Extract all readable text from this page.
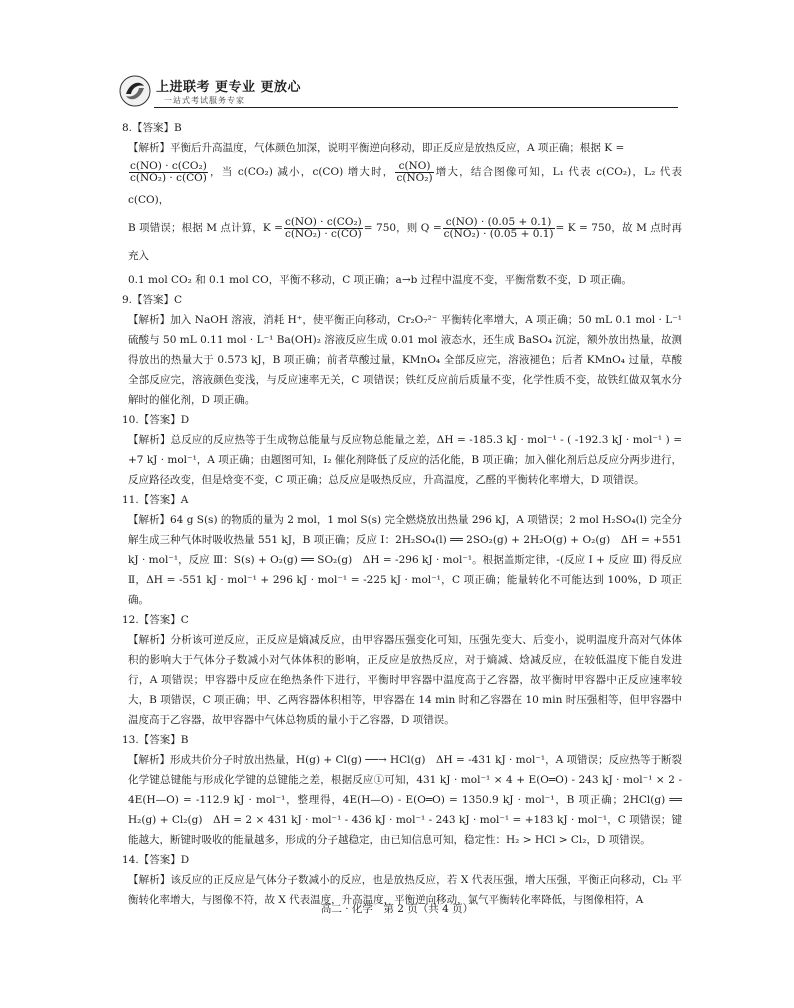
上进联考 更专业 更放心
一站式考试服务专家

8.【答案】B

【解析】平衡后升高温度，气体颜色加深，说明平衡逆向移动，即正反应是放热反应，A 项正确；根据 K =

$\frac{\text{c(NO) · c(CO₂)}}{\text{c(NO₂) · c(CO)}}$ ，当 c(CO₂) 减小，c(CO) 增大时， $\frac{c(NO)}{\text{c(NO₂)}}$ 增大，结合图像可知，L₁ 代表 c(CO₂)，L₂ 代表 c(CO)，
B 项错误；根据 M 点计算，$K = \frac{\text{c(NO) · c(CO₂)}}{\text{c(NO₂) · c(CO)}} = 750$，则 $Q = \frac{c(NO) \cdot (0.05 + 0.1)}{\text{c(NO₂) · (0.05 + 0.1)}} = K = 750$，故 M 点时再充入
0.1 mol CO₂ 和 0.1 mol CO，平衡不移动，C 项正确；a→b 过程中温度不变，平衡常数不变，D 项正确。

9.【答案】C

【解析】加入 NaOH 溶液，消耗 H⁺，使平衡正向移动，Cr₂O₇²⁻ 平衡转化率增大，A 项正确；50 mL 0.1 mol · L⁻¹ 硫酸与 50 mL 0.11 mol · L⁻¹ Ba(OH)₂ 溶液反应生成 0.01 mol 液态水，还生成 BaSO₄ 沉淀，额外放出热量，故测得放出的热量大于 0.573 kJ，B 项正确；前者草酸过量，KMnO₄ 全部反应完，溶液褪色；后者 KMnO₄ 过量，草酸全部反应完，溶液颜色变浅，与反应速率无关，C 项错误；铁红反应前后质量不变，化学性质不变，故铁红做双氧水分解时的催化剂，D 项正确。

10.【答案】D

【解析】总反应的反应热等于生成物总能量与反应物总能量之差，ΔH = -185.3 kJ · mol⁻¹ - ( -192.3 kJ · mol⁻¹ ) = +7 kJ · mol⁻¹，A 项正确；由题图可知，I₂ 催化剂降低了反应的活化能，B 项正确；加入催化剂后总反应分两步进行，反应路径改变，但是焓变不变，C 项正确；总反应是吸热反应，升高温度，乙醛的平衡转化率增大，D 项错误。

11.【答案】A

【解析】64 g S(s) 的物质的量为 2 mol，1 mol S(s) 完全燃烧放出热量 296 kJ，A 项错误；2 mol H₂SO₄(l) 完全分解生成三种气体时吸收热量 551 kJ，B 项正确；反应 Ⅰ：2H₂SO₄(l) ══ 2SO₂(g) + 2H₂O(g) + O₂(g)　ΔH = +551 kJ · mol⁻¹，反应 Ⅲ：S(s) + O₂(g) ══ SO₂(g)　ΔH = -296 kJ · mol⁻¹。根据盖斯定律，-(反应 Ⅰ + 反应 Ⅲ) 得反应 Ⅱ，ΔH = -551 kJ · mol⁻¹ + 296 kJ · mol⁻¹ = -225 kJ · mol⁻¹，C 项正确；能量转化不可能达到 100%，D 项正确。

12.【答案】C

【解析】分析该可逆反应，正反应是熵减反应，由甲容器压强变化可知，压强先变大、后变小，说明温度升高对气体体积的影响大于气体分子数减小对气体体积的影响，正反应是放热反应，对于熵减、焓减反应，在较低温度下能自发进行，A 项错误；甲容器中反应在绝热条件下进行，平衡时甲容器中温度高于乙容器，故平衡时甲容器中正反应速率较大，B 项错误，C 项正确；甲、乙两容器体积相等，甲容器在 14 min 时和乙容器在 10 min 时压强相等，但甲容器中温度高于乙容器，故甲容器中气体总物质的量小于乙容器，D 项错误。

13.【答案】B

【解析】形成共价分子时放出热量，H(g) + Cl(g) ──→ HCl(g)　ΔH = -431 kJ · mol⁻¹，A 项错误；反应热等于断裂化学键总键能与形成化学键的总键能之差，根据反应①可知，431 kJ · mol⁻¹ × 4 + E(O═O) - 243 kJ · mol⁻¹ × 2 - 4E(H—O) = -112.9 kJ · mol⁻¹，整理得，4E(H—O) - E(O═O) = 1350.9 kJ · mol⁻¹，B 项正确；2HCl(g) ══ H₂(g) + Cl₂(g)　ΔH = 2 × 431 kJ · mol⁻¹ - 436 kJ · mol⁻¹ - 243 kJ · mol⁻¹ = +183 kJ · mol⁻¹，C 项错误；键能越大，断键时吸收的能量越多，形成的分子越稳定，由已知信息可知，稳定性：H₂ > HCl > Cl₂，D 项错误。

14.【答案】D

【解析】该反应的正反应是气体分子数减小的反应，也是放热反应，若 X 代表压强，增大压强，平衡正向移动，Cl₂ 平衡转化率增大，与图像不符，故 X 代表温度，升高温度，平衡逆向移动，氯气平衡转化率降低，与图像相符，A

高二 · 化学　第 2 页（共 4 页）
